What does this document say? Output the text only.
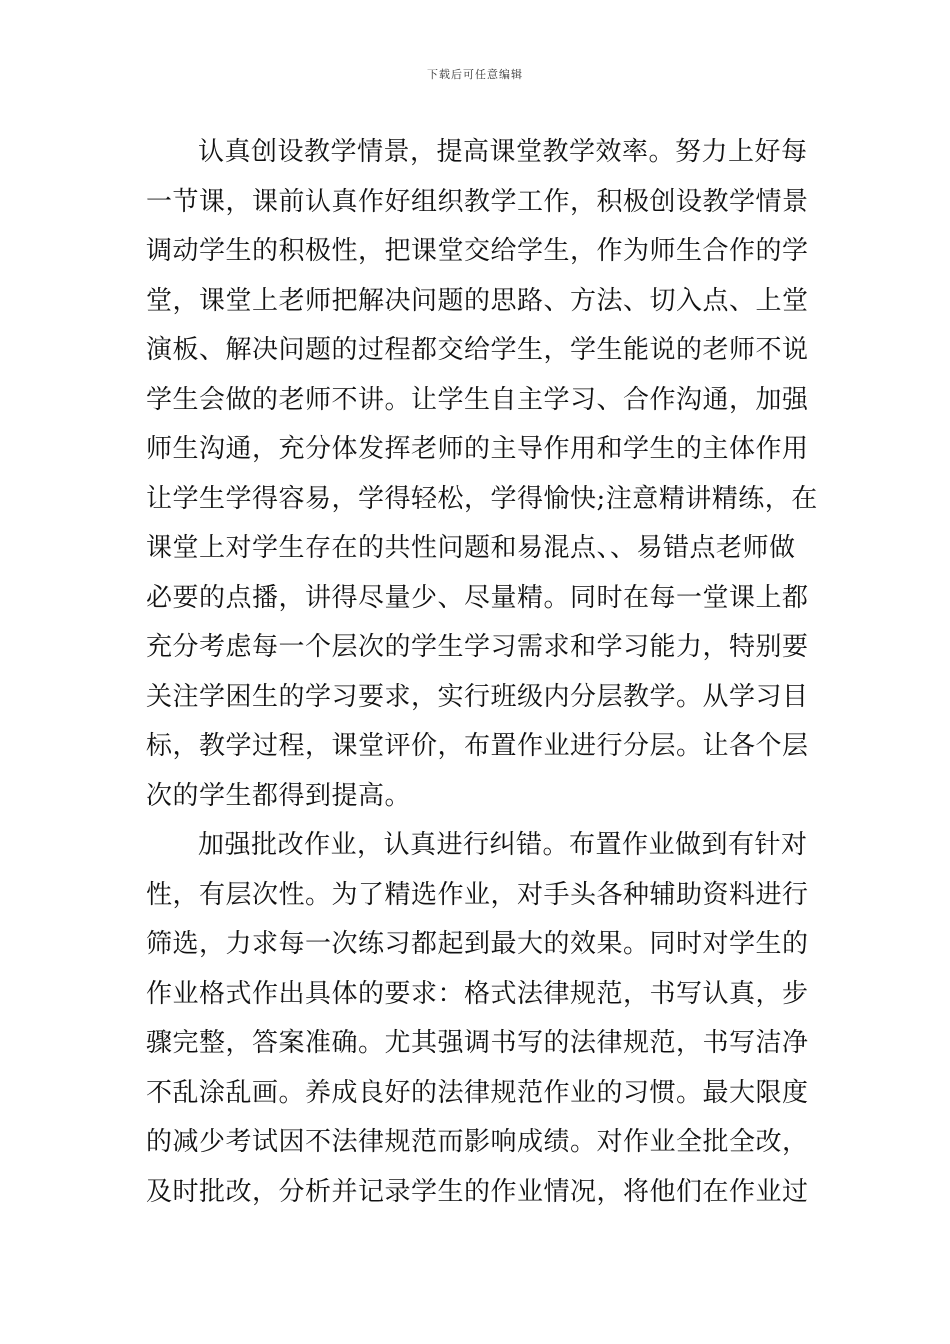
下载后可任意编辑
认真创设教学情景，提高课堂教学效率。努力上好每
一节课，课前认真作好组织教学工作，积极创设教学情景
调动学生的积极性，把课堂交给学生，作为师生合作的学
堂，课堂上老师把解决问题的思路、方法、切入点、上堂
演板、解决问题的过程都交给学生，学生能说的老师不说
学生会做的老师不讲。让学生自主学习、合作沟通，加强
师生沟通，充分体发挥老师的主导作用和学生的主体作用
让学生学得容易，学得轻松，学得愉快;注意精讲精练，在
课堂上对学生存在的共性问题和易混点、、易错点老师做
必要的点播，讲得尽量少、尽量精。同时在每一堂课上都
充分考虑每一个层次的学生学习需求和学习能力，特别要
关注学困生的学习要求，实行班级内分层教学。从学习目
标，教学过程，课堂评价，布置作业进行分层。让各个层
次的学生都得到提高。
加强批改作业，认真进行纠错。布置作业做到有针对
性，有层次性。为了精选作业，对手头各种辅助资料进行
筛选，力求每一次练习都起到最大的效果。同时对学生的
作业格式作出具体的要求：格式法律规范，书写认真，步
骤完整，答案准确。尤其强调书写的法律规范，书写洁净
不乱涂乱画。养成良好的法律规范作业的习惯。最大限度
的减少考试因不法律规范而影响成绩。对作业全批全改，
及时批改，分析并记录学生的作业情况，将他们在作业过
